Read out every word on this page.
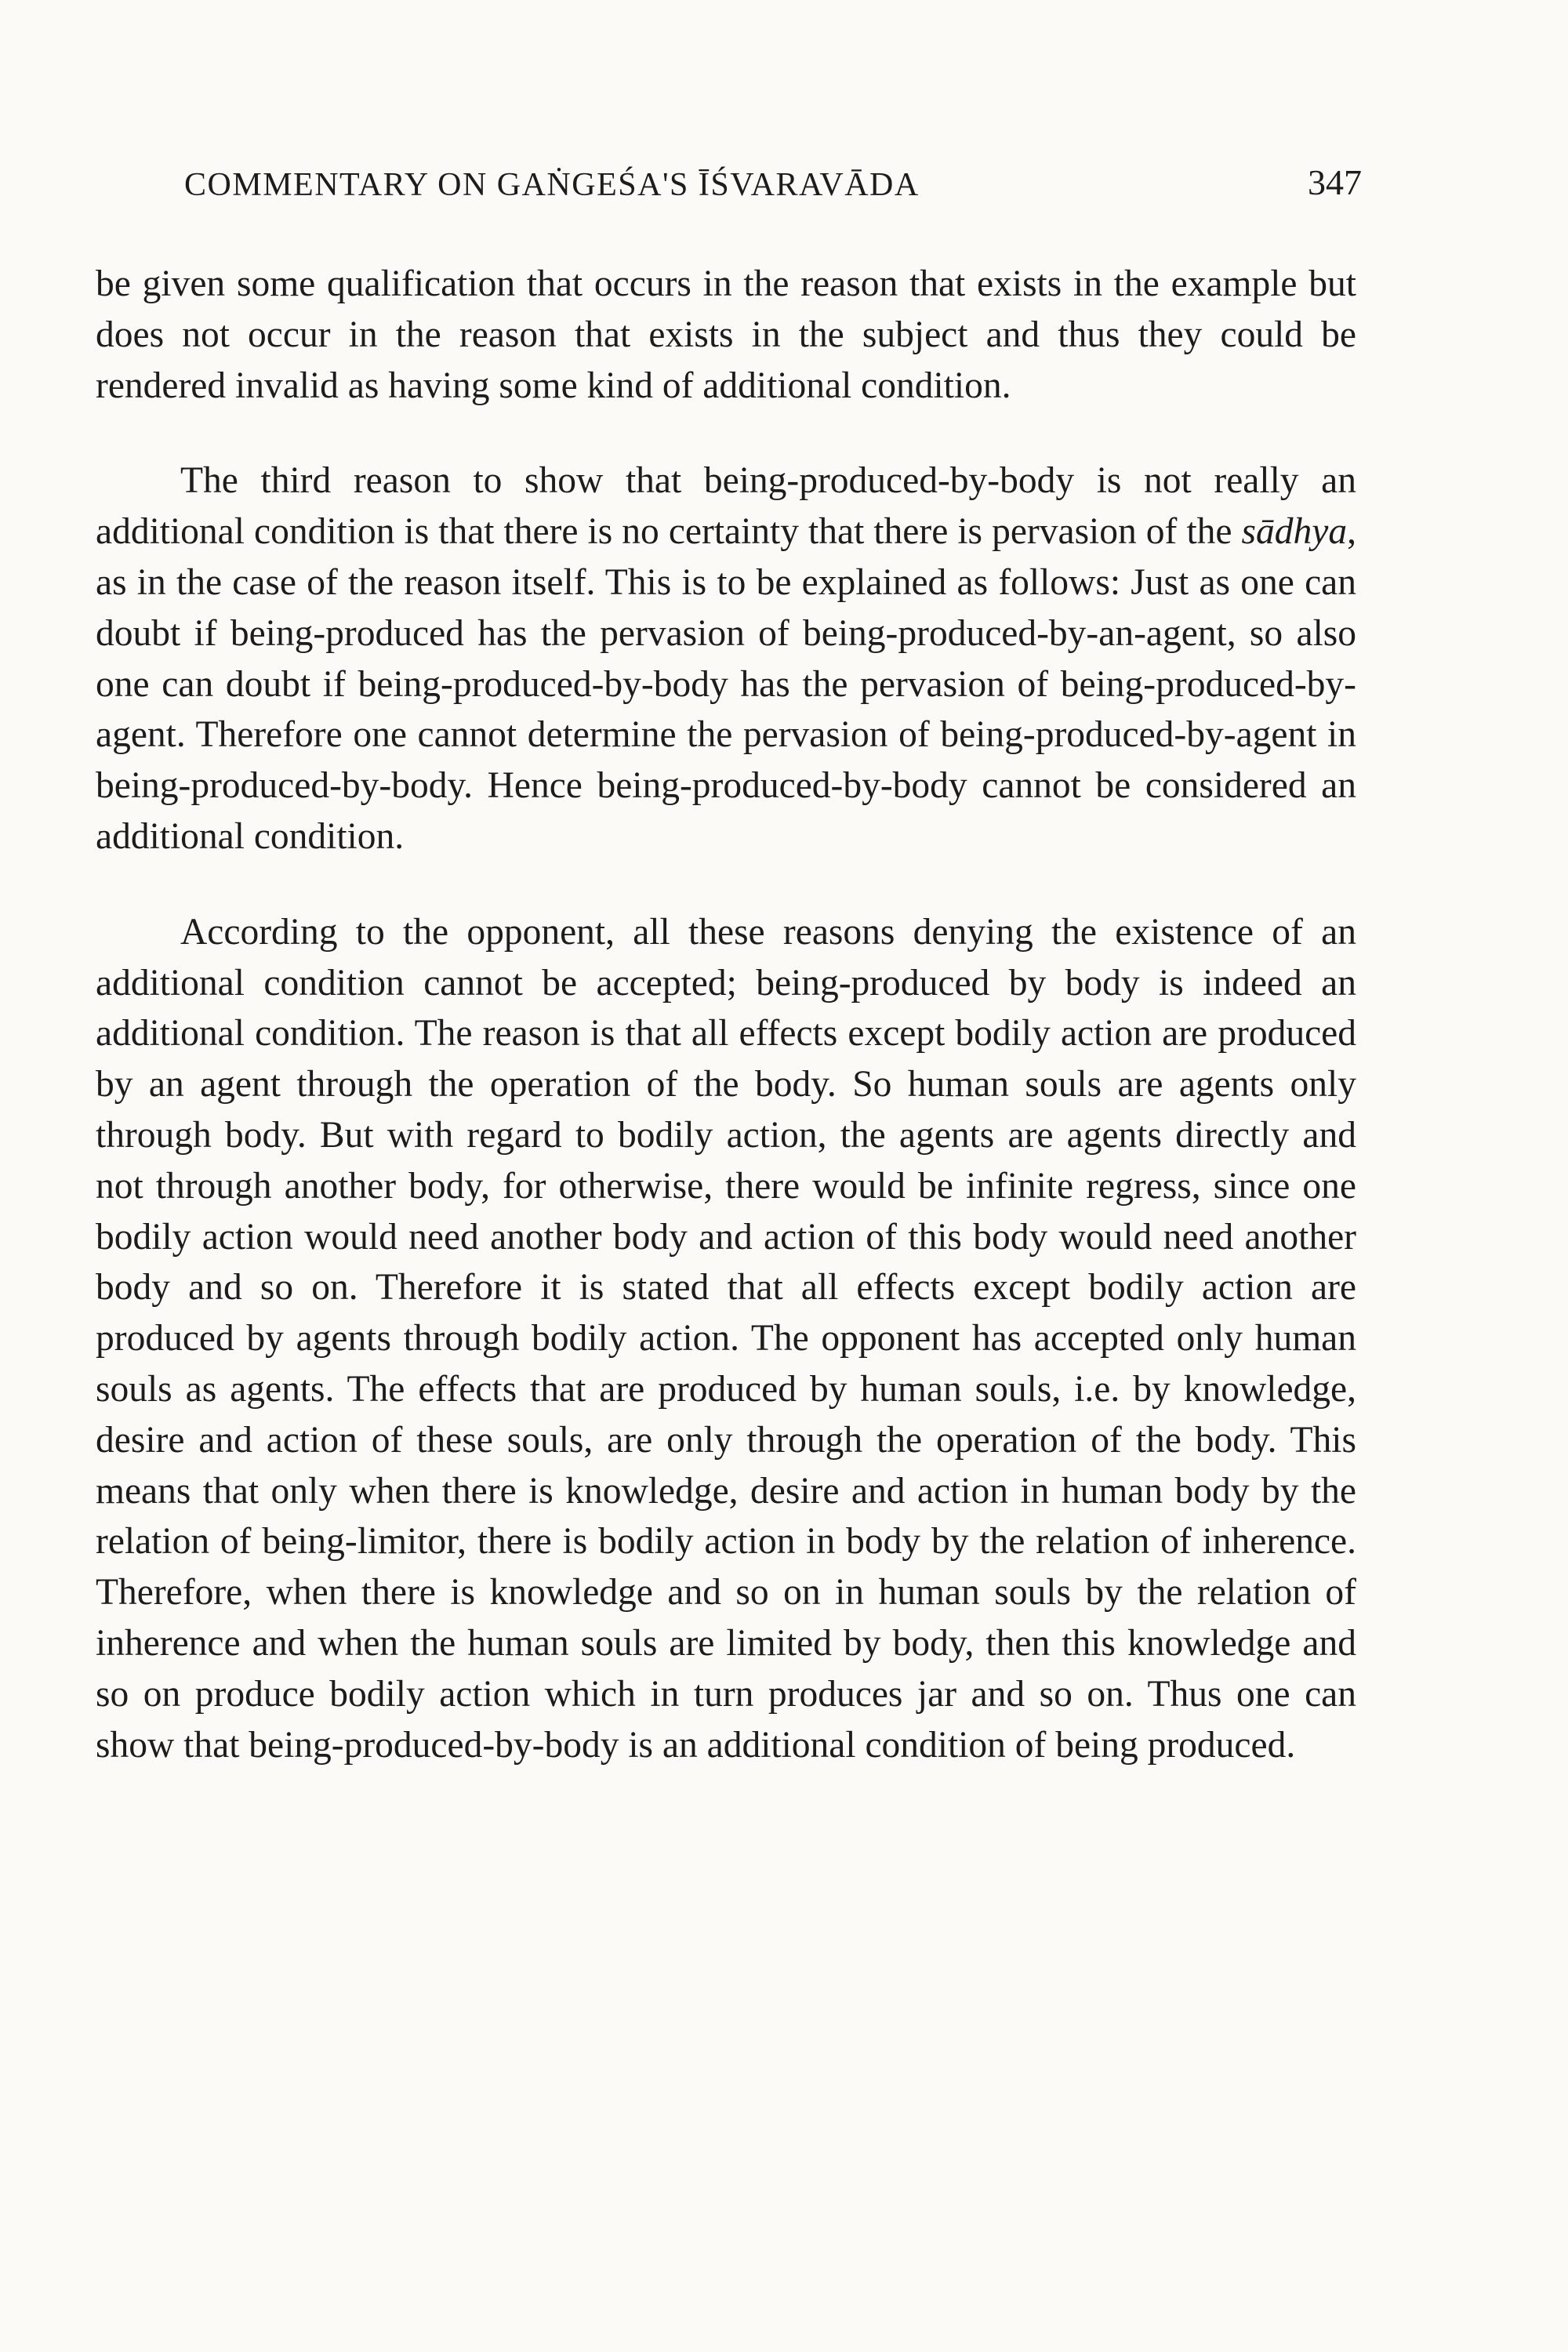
COMMENTARY ON GAṄGEŚA'S ĪŚVARAVĀDA	347

be given some qualification that occurs in the reason that exists in the example but does not occur in the reason that exists in the subject and thus they could be rendered invalid as having some kind of additional condition.

The third reason to show that being-produced-by-body is not really an additional condition is that there is no certainty that there is pervasion of the sādhya, as in the case of the reason itself. This is to be explained as follows: Just as one can doubt if being-produced has the pervasion of being-produced-by-an-agent, so also one can doubt if being-produced-by-body has the pervasion of being-produced-by-agent. Therefore one cannot determine the pervasion of being-produced-by-agent in being-produced-by-body. Hence being-produced-by-body cannot be considered an additional condition.

According to the opponent, all these reasons denying the existence of an additional condition cannot be accepted; being-produced by body is indeed an additional condition. The reason is that all effects except bodily action are produced by an agent through the operation of the body. So human souls are agents only through body. But with regard to bodily action, the agents are agents directly and not through another body, for otherwise, there would be infinite regress, since one bodily action would need another body and action of this body would need another body and so on. Therefore it is stated that all effects except bodily action are produced by agents through bodily action. The opponent has accepted only human souls as agents. The effects that are produced by human souls, i.e. by knowledge, desire and action of these souls, are only through the operation of the body. This means that only when there is knowledge, desire and action in human body by the relation of being-limitor, there is bodily action in body by the relation of inherence. Therefore, when there is knowledge and so on in human souls by the relation of inherence and when the human souls are limited by body, then this knowledge and so on produce bodily action which in turn produces jar and so on. Thus one can show that being-produced-by-body is an additional condition of being produced.
